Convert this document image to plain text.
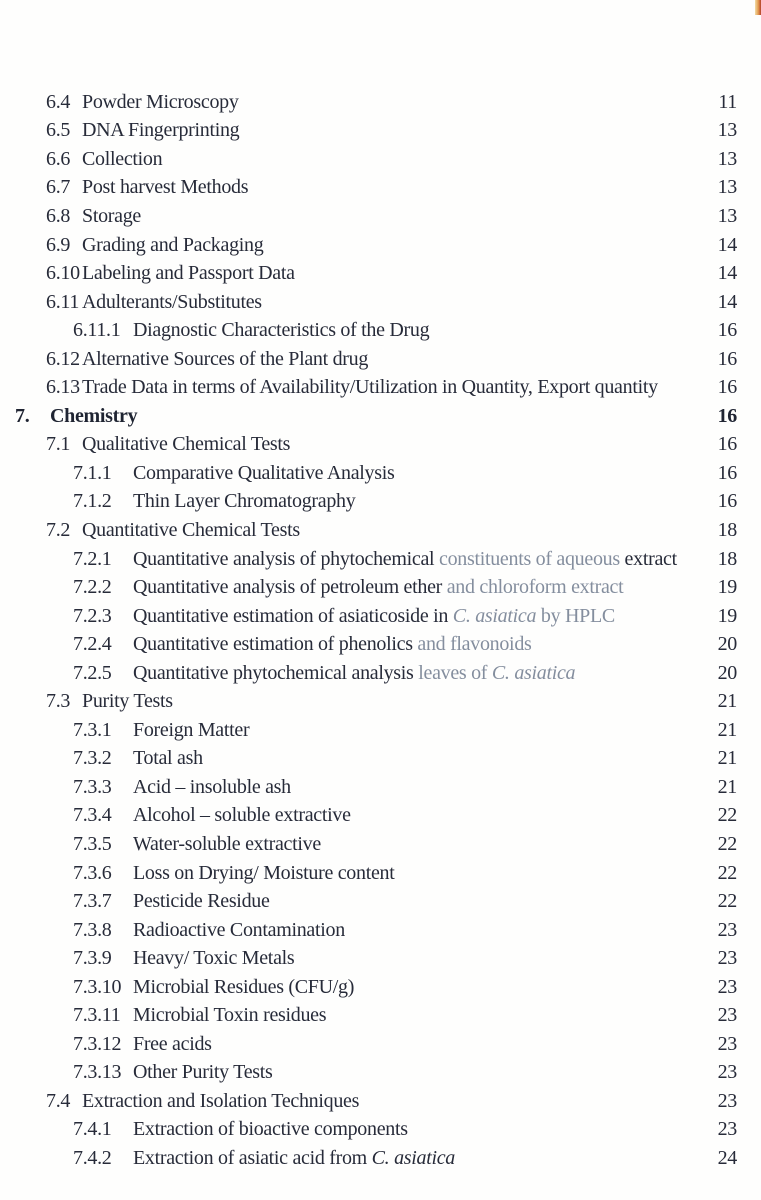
6.4 Powder Microscopy	11
6.5 DNA Fingerprinting	13
6.6 Collection	13
6.7 Post harvest Methods	13
6.8 Storage	13
6.9 Grading and Packaging	14
6.10 Labeling and Passport Data	14
6.11 Adulterants/Substitutes	14
6.11.1 Diagnostic Characteristics of the Drug	16
6.12 Alternative Sources of the Plant drug	16
6.13 Trade Data in terms of Availability/Utilization in Quantity, Export quantity	16
7.	Chemistry	16
7.1 Qualitative Chemical Tests	16
7.1.1	Comparative Qualitative Analysis	16
7.1.2	Thin Layer Chromatography	16
7.2 Quantitative Chemical Tests	18
7.2.1	Quantitative analysis of phytochemical constituents of aqueous extract	18
7.2.2	Quantitative analysis of petroleum ether and chloroform extract	19
7.2.3	Quantitative estimation of asiaticoside in C. asiatica by HPLC	19
7.2.4	Quantitative estimation of phenolics and flavonoids	20
7.2.5	Quantitative phytochemical analysis leaves of C. asiatica	20
7.3 Purity Tests	21
7.3.1	Foreign Matter	21
7.3.2	Total ash	21
7.3.3	Acid – insoluble ash	21
7.3.4	Alcohol – soluble extractive	22
7.3.5	Water-soluble extractive	22
7.3.6	Loss on Drying/ Moisture content	22
7.3.7	Pesticide Residue	22
7.3.8	Radioactive Contamination	23
7.3.9	Heavy/ Toxic Metals	23
7.3.10 Microbial Residues (CFU/g)	23
7.3.11 Microbial Toxin residues	23
7.3.12 Free acids	23
7.3.13 Other Purity Tests	23
7.4 Extraction and Isolation Techniques	23
7.4.1	Extraction of bioactive components	23
7.4.2	Extraction of asiatic acid from C. asiatica	24
